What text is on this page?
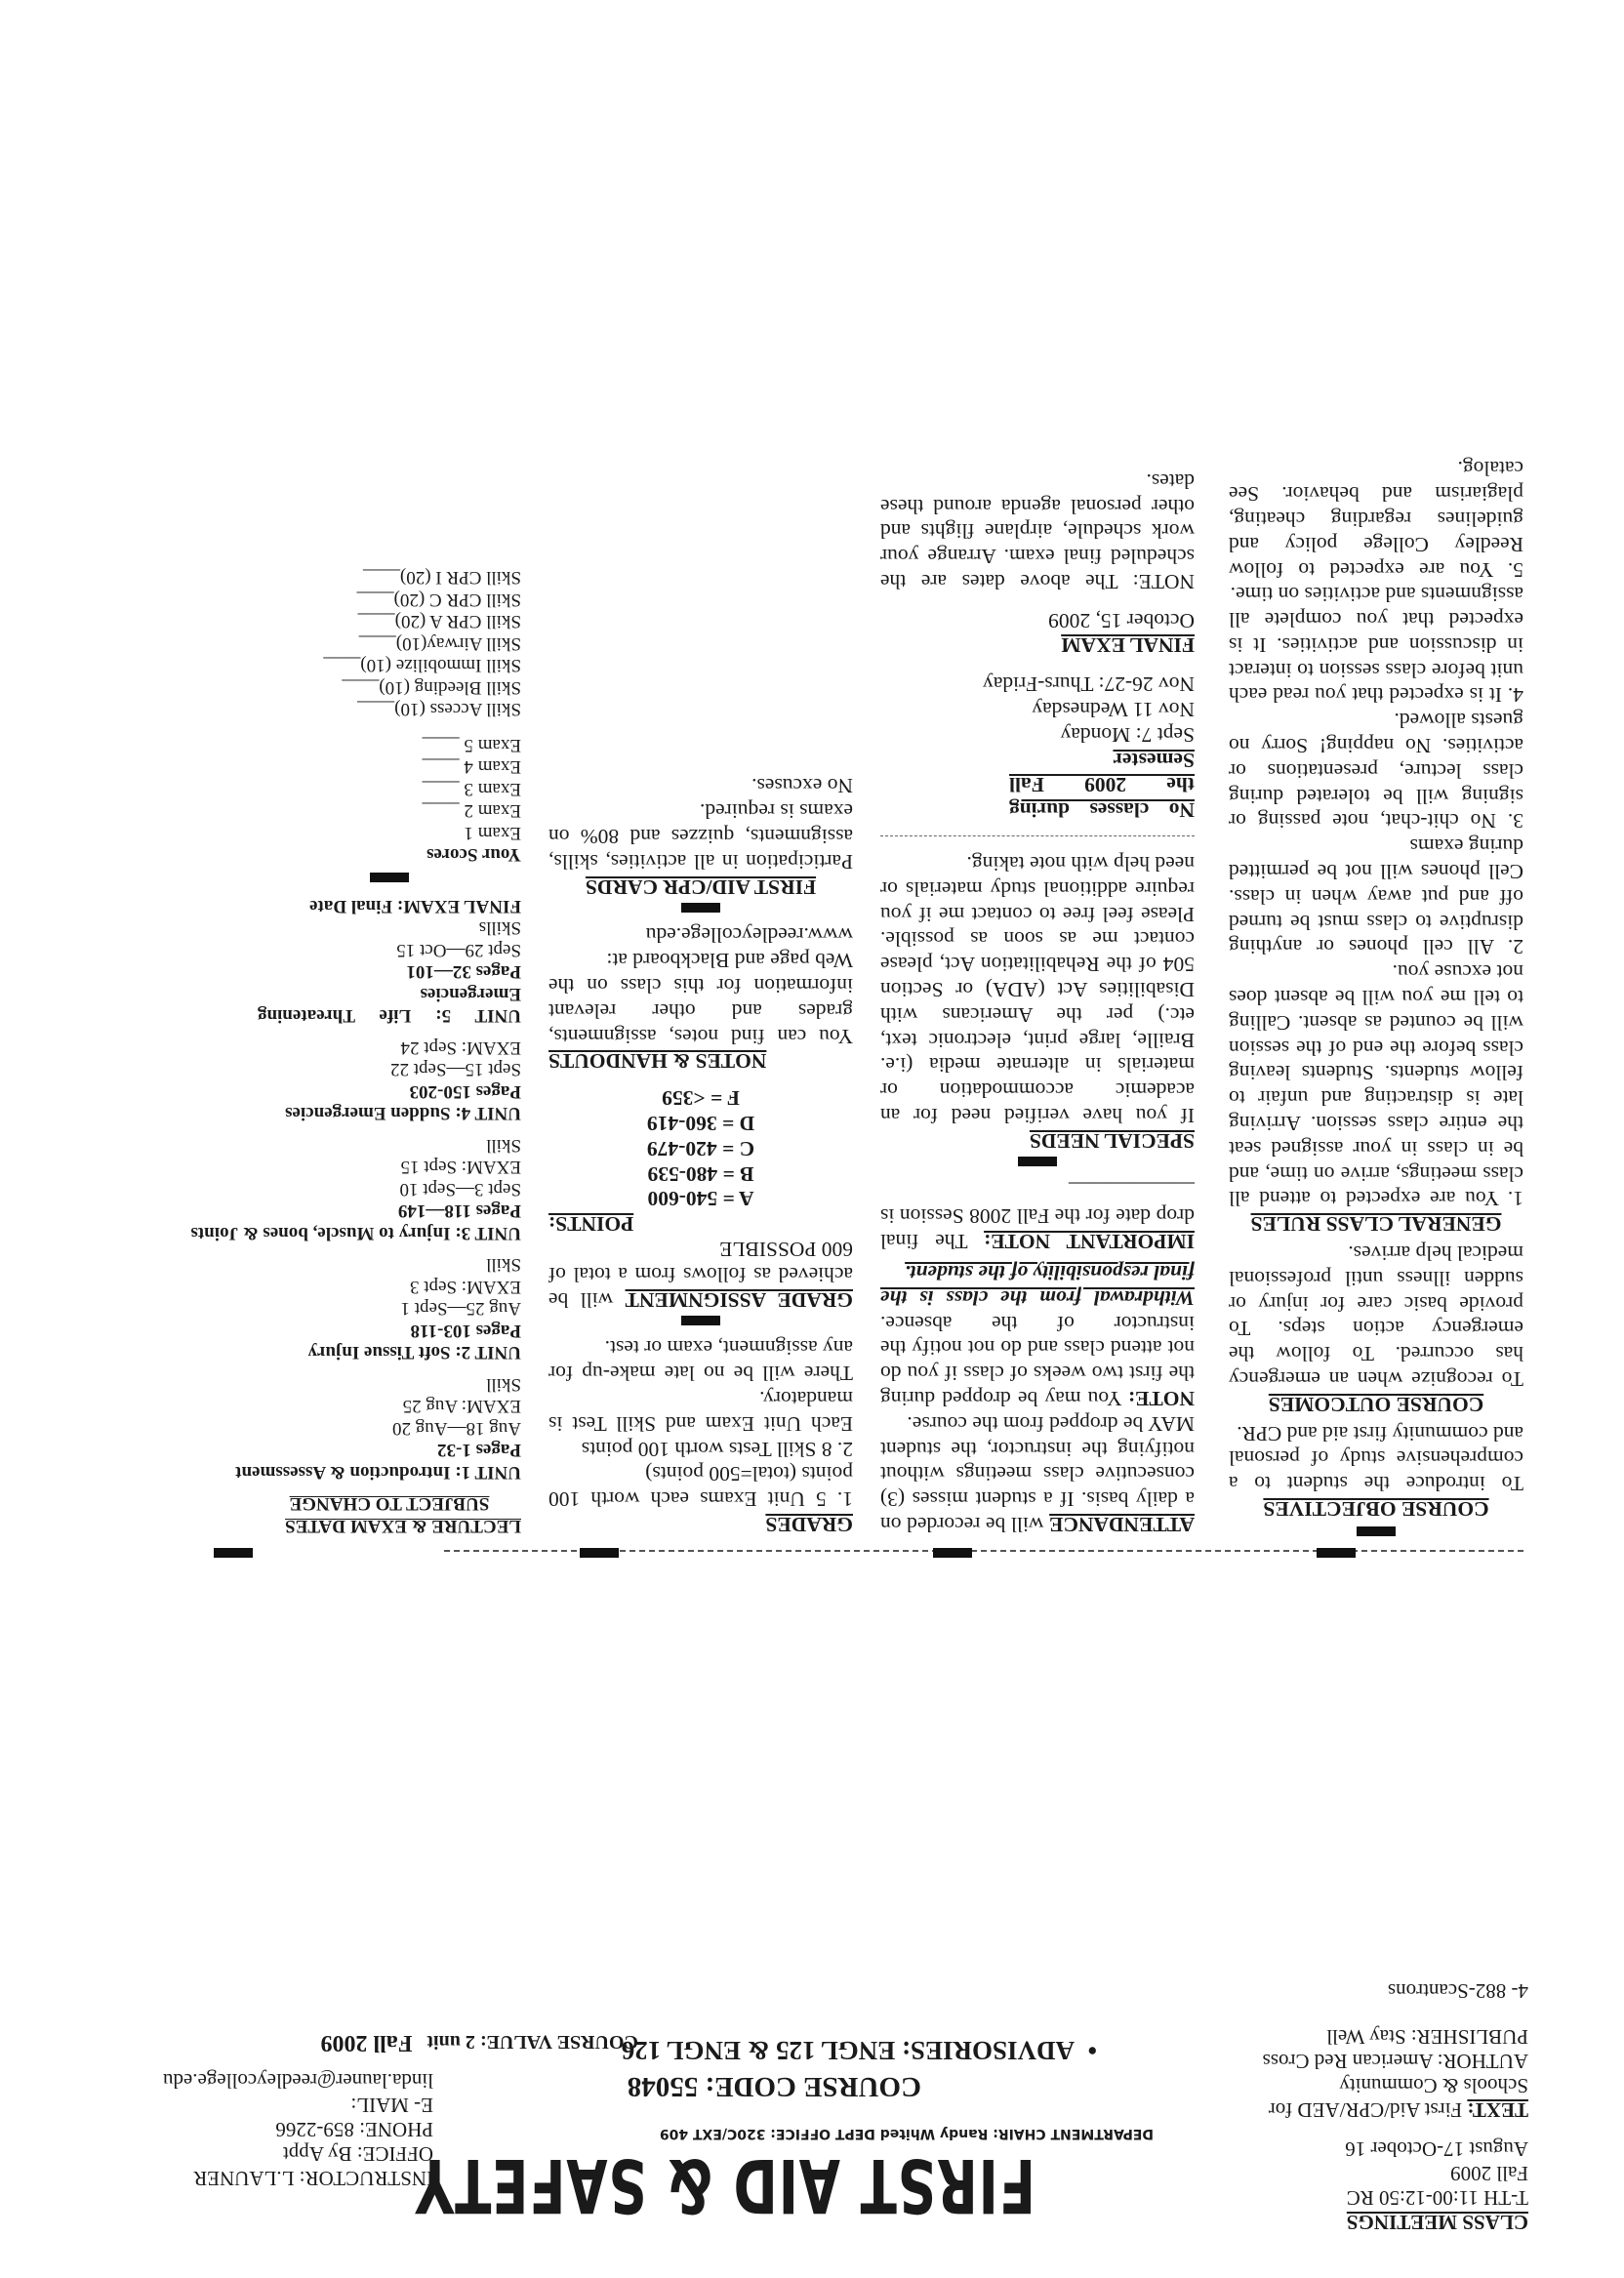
CLASS MEETINGS
T-TH 11:00-12:50 RC
Fall 2009
August 17-October 16
TEXT: First Aid/CPR/AED for
Schools & Community
AUTHOR: American Red Cross
PUBLISHER: Stay Well
4- 882-Scantrons
FIRST AID & SAFETY
DEPARTMENT CHAIR: Randy Whited DEPT OFFICE: 320C/EXT 409
COURSE CODE: 55048
•  ADVISORIES: ENGL 125 & ENGL 126
COURSE VALUE: 2 unit   Fall 2009
INSTRUCTOR: L.LAUNER
OFFICE: By Appt
PHONE: 859-2266
E- MAIL:
linda.launer@reedleycollege.edu
COURSE OBJECTIVES

To introduce the student to a comprehensive study of personal and community first aid and CPR.

COURSE OUTCOMES

To recognize when an emergency has occurred. To follow the emergency action steps. To provide basic care for injury or sudden illness until professional medical help arrives.

GENERAL CLASS RULES

1. You are expected to attend all class meetings, arrive on time, and be in class in your assigned seat the entire class session. Arriving late is distracting and unfair to fellow students. Students leaving class before the end of the session will be counted as absent. Calling to tell me you will be absent does not excuse you.

2. All cell phones or anything disruptive to class must be turned off and put away when in class. Cell phones will not be permitted during exams

3. No chit-chat, note passing or signing will be tolerated during class lecture, presentations or activities. No napping! Sorry no guests allowed.

4. It is expected that you read each unit before class session to interact in discussion and activities. It is expected that you complete all assignments and activities on time.

5. You are expected to follow Reedley College policy and guidelines regarding cheating, plagiarism and behavior. See catalog.

ATTENDANCE will be recorded on a daily basis. If a student misses (3) consecutive class meetings without notifying the instructor, the student MAY be dropped from the course.

NOTE: You may be dropped during the first two weeks of class if you do not attend class and do not notify the instructor of the absence. Withdrawal from the class is the final responsibility of the student.

IMPORTANT NOTE: The final drop date for the Fall 2008 Session is ____________

SPECIAL NEEDS

If you have verified need for an academic accommodation or materials in alternate media (i.e. Braille, large print, electronic text, etc.) per the Americans with Disabilities Act (ADA) or Section 504 of the Rehabilitation Act, please contact me as soon as possible. Please feel free to contact me if you require additional study materials or need help with note taking.

No classes during the 2009 Fall Semester
Sept 7: Monday
Nov 11 Wednesday
Nov 26-27: Thurs-Friday
FINAL EXAM
October 15, 2009

NOTE: The above dates are the scheduled final exam. Arrange your work schedule, airplane flights and other personal agenda around these dates.

GRADES

1. 5 Unit Exams each worth 100 points (total=500 points)

2. 8 Skill Tests worth 100 points

Each Unit Exam and Skill Test is mandatory.

There will be no late make-up for any assignment, exam or test.

GRADE ASSIGNMENT will be achieved as follows from a total of 600 POSSIBLE

POINTS:
A = 540-600
B = 480-539
C = 420-479
D = 360-419
F = <359
NOTES & HANDOUTS

You can find notes, assignments, grades and other relevant information for this class on the Web page and Blackboard at:

www.reedleycollege.edu
FIRST AID/CPR CARDS

Participation in all activities, skills, assignments, quizzes and 80% on exams is required.

No excuses.
LECTURE & EXAM DATES
SUBJECT TO CHANGE
UNIT 1: Introduction & Assessment
Pages 1-32
Aug 18—Aug 20
EXAM: Aug 25
Skill
UNIT 2: Soft Tissue Injury
Pages 103-118
Aug 25—Sept 1
EXAM: Sept 3
Skill
UNIT 3: Injury to Muscle, bones & Joints
Pages 118—149
Sept 3—Sept 10
EXAM: Sept 15
Skill
UNIT 4: Sudden Emergencies
Pages 150-203
Sept 15—Sept 22
EXAM: Sept 24
UNIT 5: Life Threatening Emergencies
Pages 32—101
Sept 29—Oct 15
Skills
FINAL EXAM: Final Date
Your Scores
Exam 1
Exam 2 ____
Exam 3 ____
Exam 4 ____
Exam 5 ____
Skill Access (10)____
Skill Bleeding (10)____
Skill Immobilize (10)____
Skill Airway(10)____
Skill CPR A (20)____
Skill CPR C (20)____
Skill CPR I (20)____
